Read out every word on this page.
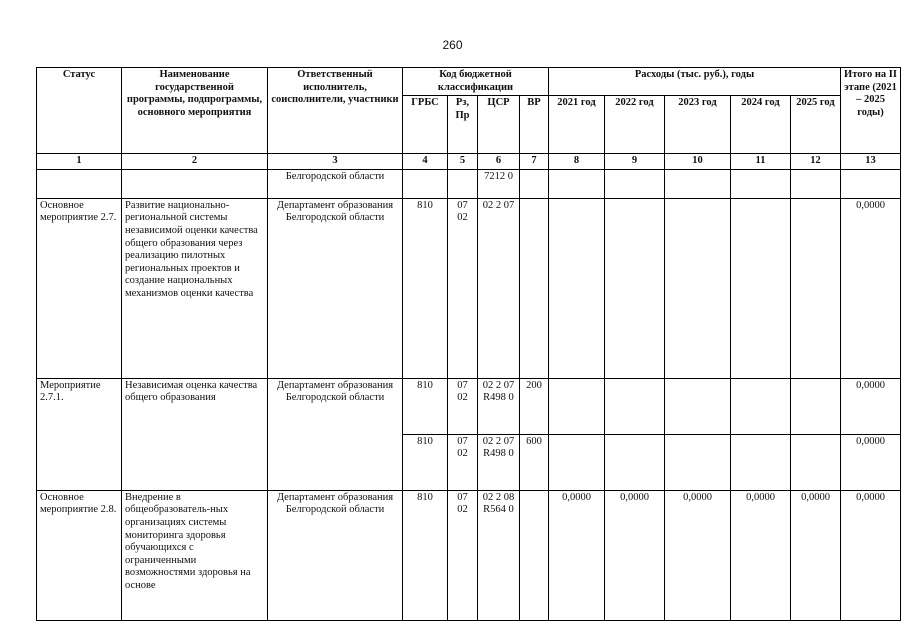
260
Статус	Наименование государственной программы, подпрограммы, основного мероприятия	Ответственный исполнитель, соисполнители, участники	Код бюджетной классификации				Расходы (тыс. руб.), годы					Итого на II этапе (2021 – 2025 годы)
			ГРБС	Рз, Пр	ЦСР	ВР	2021 год	2022 год	2023 год	2024 год	2025 год	
1	2	3	4	5	6	7	8	9	10	11	12	13
		Белгородской области			7212 0							
Основное мероприятие 2.7.	Развитие национально-региональной системы независимой оценки качества общего образования через реализацию пилотных региональных проектов и создание национальных механизмов оценки качества	Департамент образования Белгородской области	810	07 02	02 2 07							0,0000
Мероприятие 2.7.1.	Независимая оценка качества общего образования	Департамент образования Белгородской области	810	07 02	02 2 07 R498 0	200						0,0000
			810	07 02	02 2 07 R498 0	600						0,0000
Основное мероприятие 2.8.	Внедрение в общеобразователь-ных организациях системы мониторинга здоровья обучающихся с ограниченными возможностями здоровья на основе	Департамент образования Белгородской области	810	07 02	02 2 08 R564 0		0,0000	0,0000	0,0000	0,0000	0,0000	0,0000
